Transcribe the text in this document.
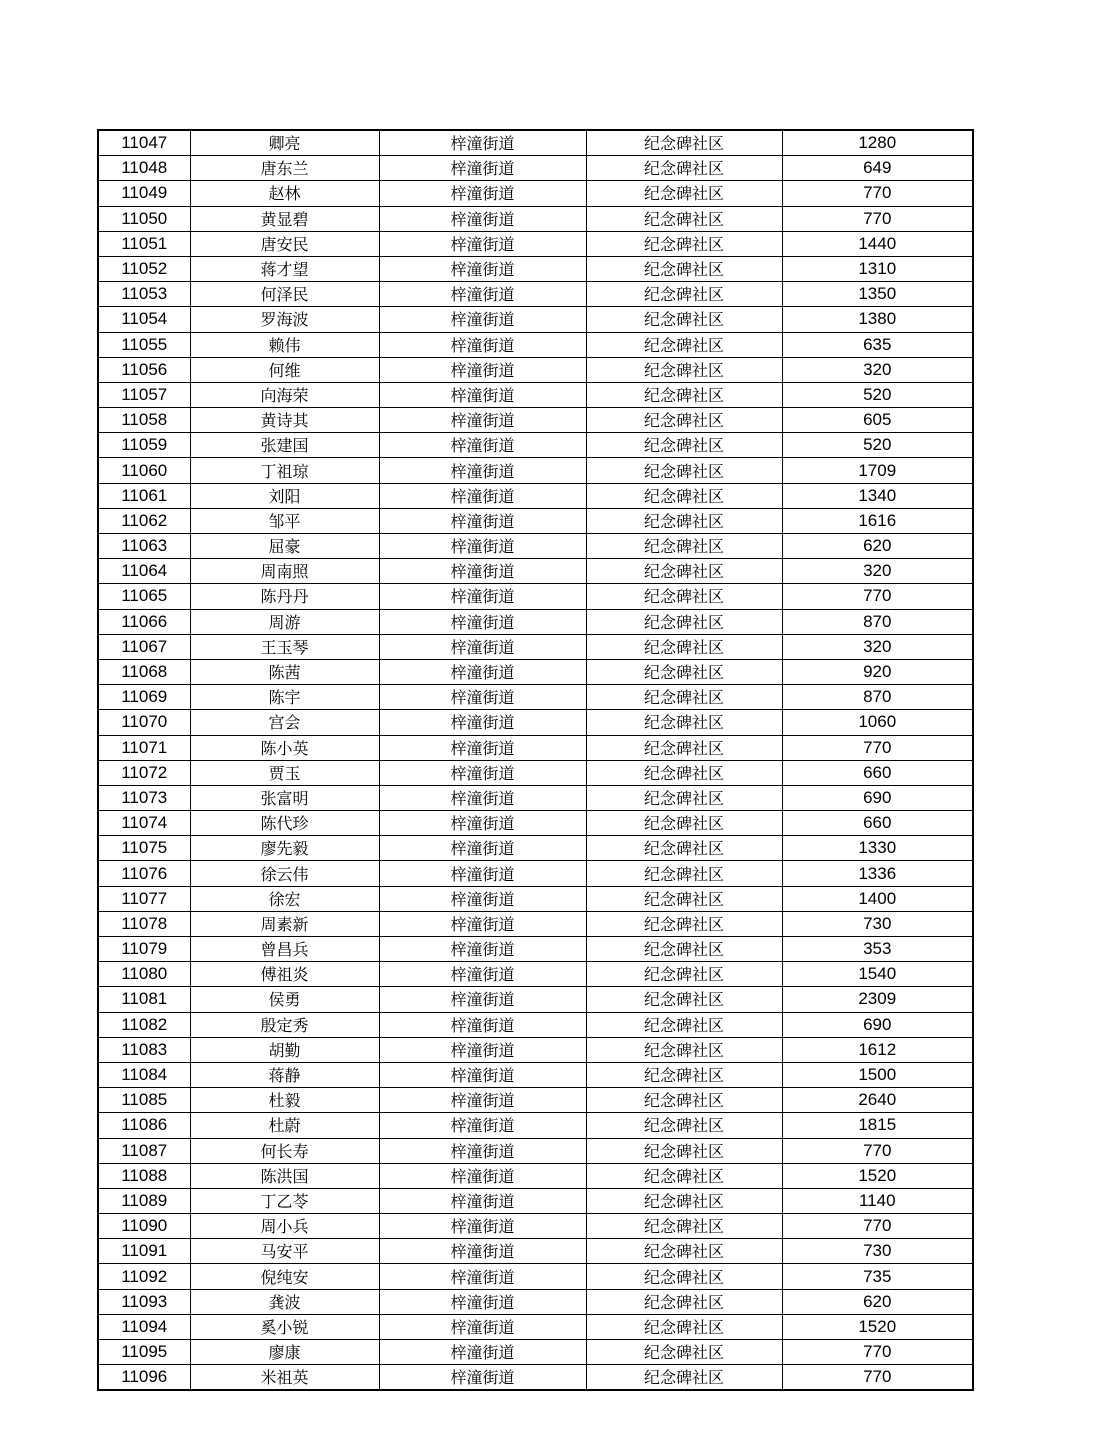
11047	卿亮	梓潼街道	纪念碑社区	1280
11048	唐东兰	梓潼街道	纪念碑社区	649
11049	赵林	梓潼街道	纪念碑社区	770
11050	黄显碧	梓潼街道	纪念碑社区	770
11051	唐安民	梓潼街道	纪念碑社区	1440
11052	蒋才望	梓潼街道	纪念碑社区	1310
11053	何泽民	梓潼街道	纪念碑社区	1350
11054	罗海波	梓潼街道	纪念碑社区	1380
11055	赖伟	梓潼街道	纪念碑社区	635
11056	何维	梓潼街道	纪念碑社区	320
11057	向海荣	梓潼街道	纪念碑社区	520
11058	黄诗其	梓潼街道	纪念碑社区	605
11059	张建国	梓潼街道	纪念碑社区	520
11060	丁祖琼	梓潼街道	纪念碑社区	1709
11061	刘阳	梓潼街道	纪念碑社区	1340
11062	邹平	梓潼街道	纪念碑社区	1616
11063	屈豪	梓潼街道	纪念碑社区	620
11064	周南照	梓潼街道	纪念碑社区	320
11065	陈丹丹	梓潼街道	纪念碑社区	770
11066	周游	梓潼街道	纪念碑社区	870
11067	王玉琴	梓潼街道	纪念碑社区	320
11068	陈茜	梓潼街道	纪念碑社区	920
11069	陈宇	梓潼街道	纪念碑社区	870
11070	宫会	梓潼街道	纪念碑社区	1060
11071	陈小英	梓潼街道	纪念碑社区	770
11072	贾玉	梓潼街道	纪念碑社区	660
11073	张富明	梓潼街道	纪念碑社区	690
11074	陈代珍	梓潼街道	纪念碑社区	660
11075	廖先毅	梓潼街道	纪念碑社区	1330
11076	徐云伟	梓潼街道	纪念碑社区	1336
11077	徐宏	梓潼街道	纪念碑社区	1400
11078	周素新	梓潼街道	纪念碑社区	730
11079	曾昌兵	梓潼街道	纪念碑社区	353
11080	傅祖炎	梓潼街道	纪念碑社区	1540
11081	侯勇	梓潼街道	纪念碑社区	2309
11082	殷定秀	梓潼街道	纪念碑社区	690
11083	胡勤	梓潼街道	纪念碑社区	1612
11084	蒋静	梓潼街道	纪念碑社区	1500
11085	杜毅	梓潼街道	纪念碑社区	2640
11086	杜蔚	梓潼街道	纪念碑社区	1815
11087	何长寿	梓潼街道	纪念碑社区	770
11088	陈洪国	梓潼街道	纪念碑社区	1520
11089	丁乙苓	梓潼街道	纪念碑社区	1140
11090	周小兵	梓潼街道	纪念碑社区	770
11091	马安平	梓潼街道	纪念碑社区	730
11092	倪纯安	梓潼街道	纪念碑社区	735
11093	龚波	梓潼街道	纪念碑社区	620
11094	奚小锐	梓潼街道	纪念碑社区	1520
11095	廖康	梓潼街道	纪念碑社区	770
11096	米祖英	梓潼街道	纪念碑社区	770
